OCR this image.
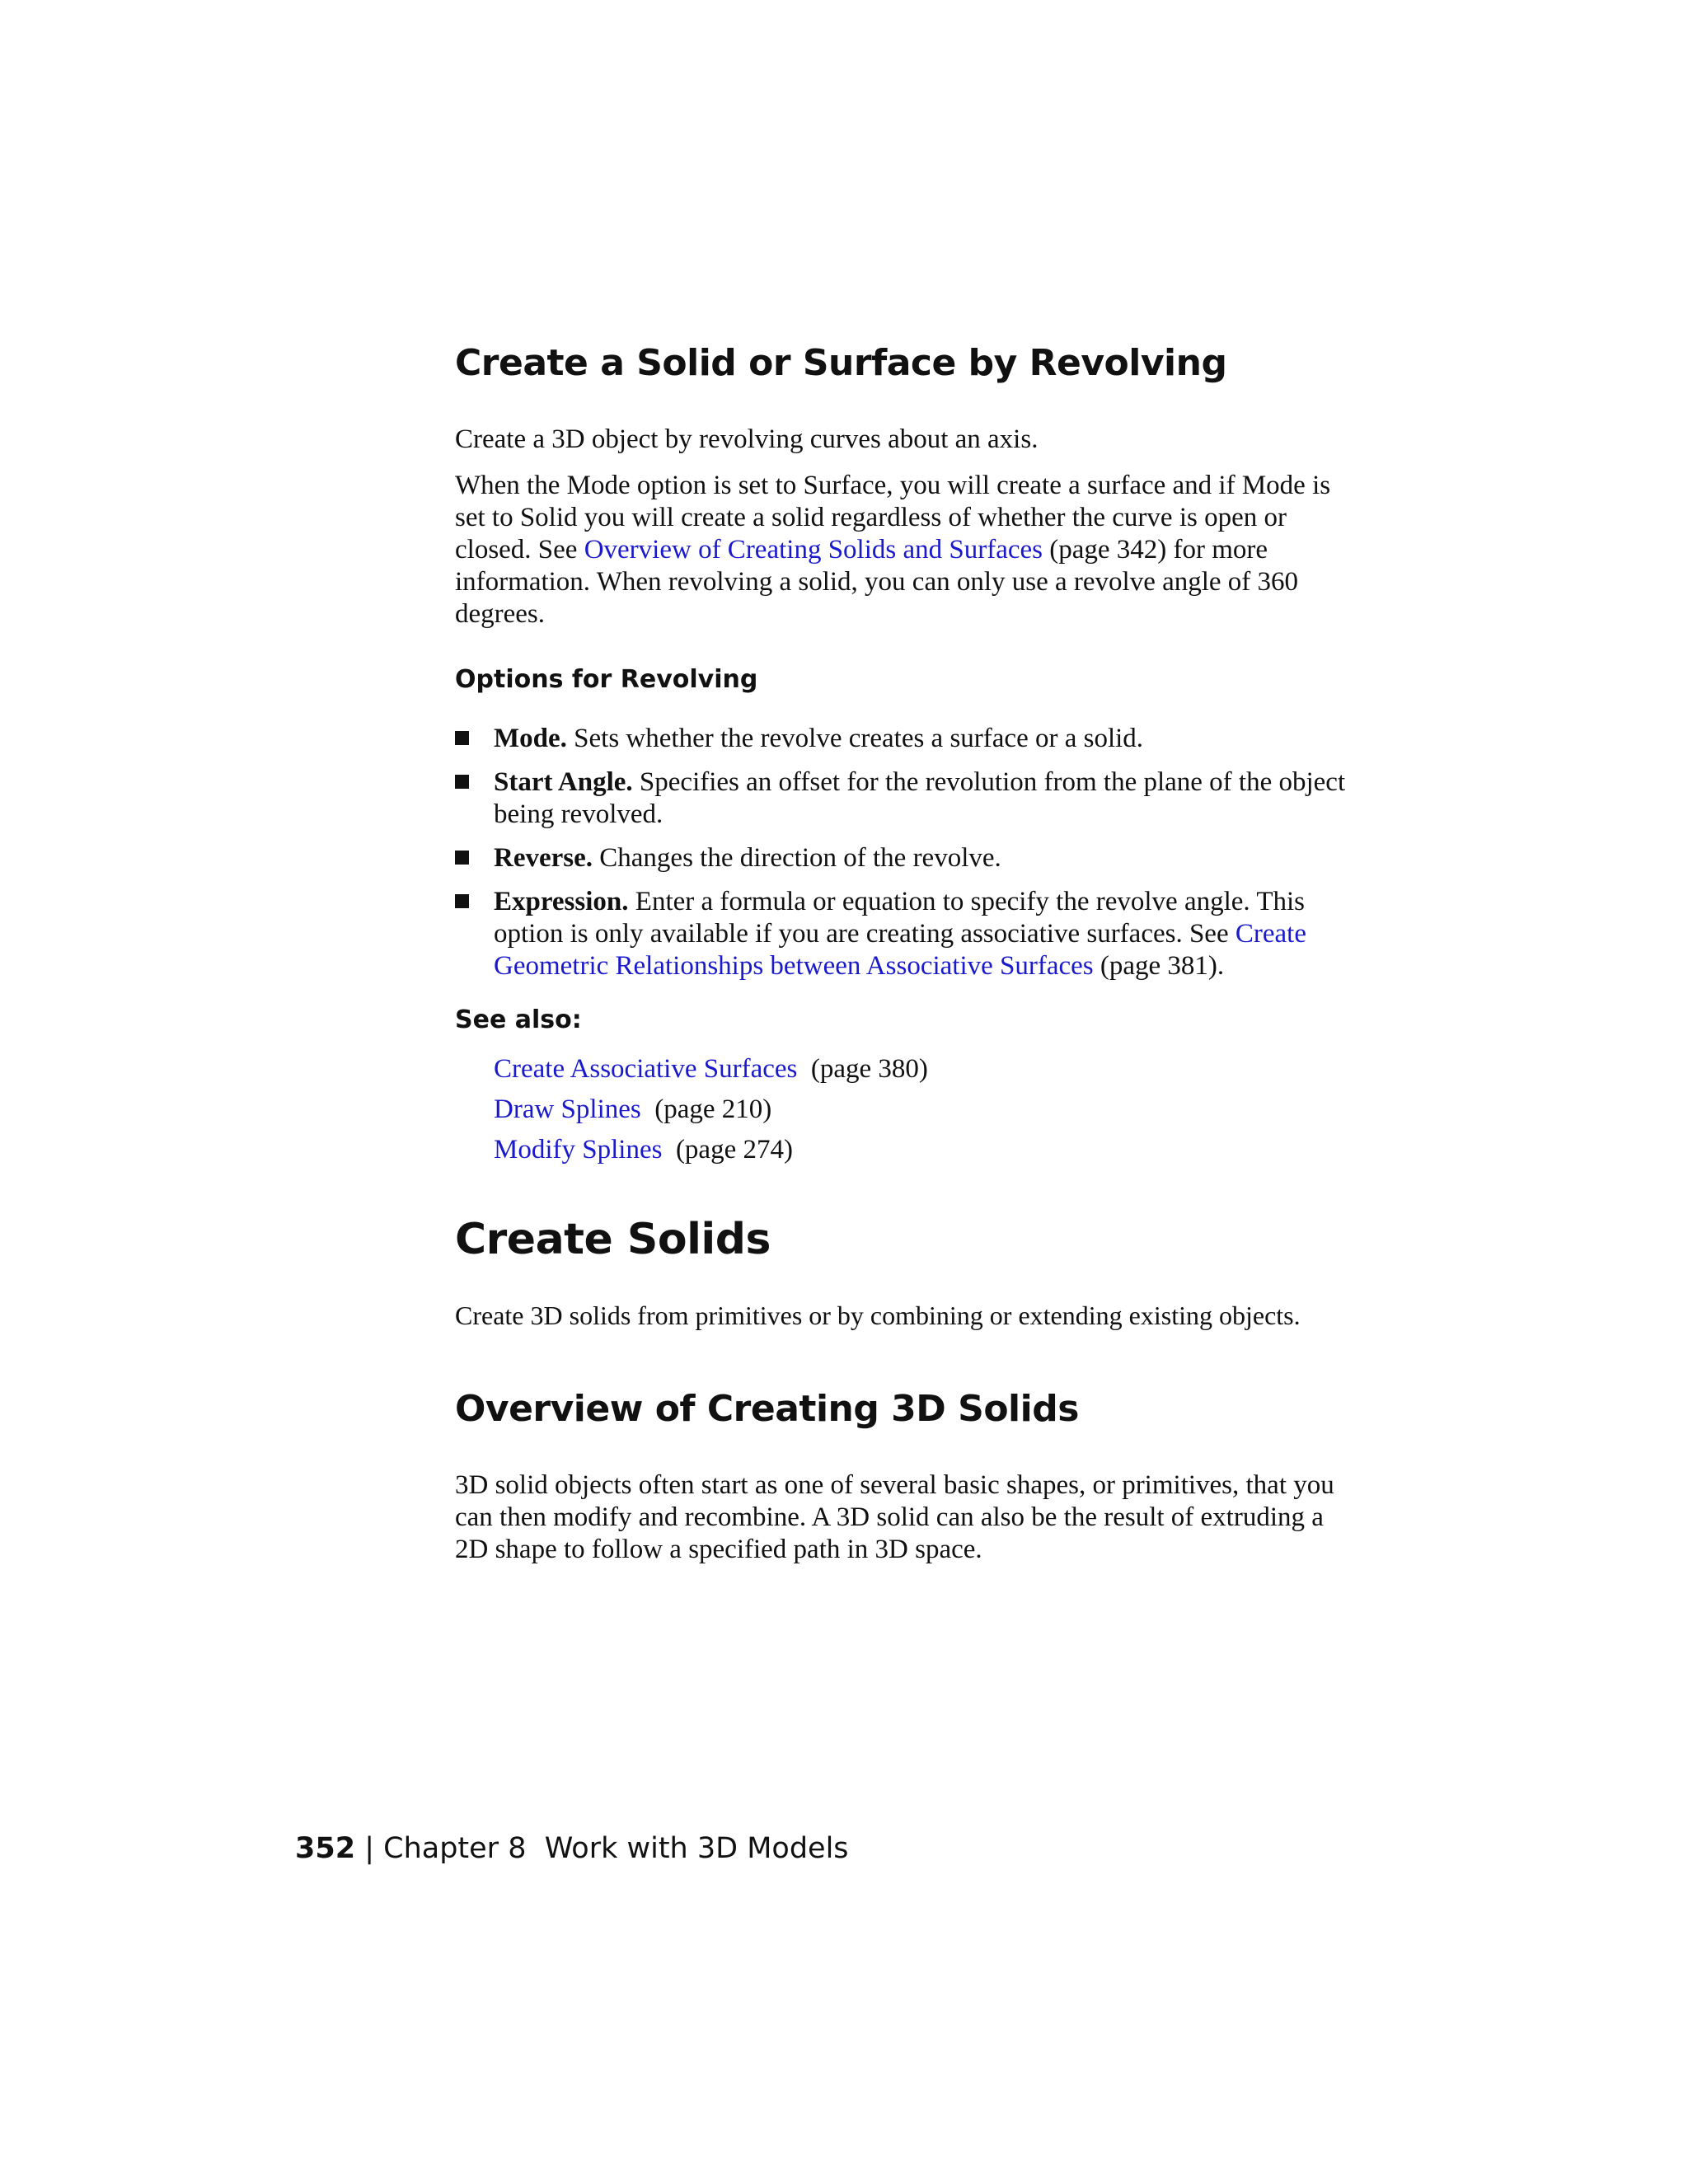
Create a Solid or Surface by Revolving

Create a 3D object by revolving curves about an axis.

When the Mode option is set to Surface, you will create a surface and if Mode is set to Solid you will create a solid regardless of whether the curve is open or closed. See Overview of Creating Solids and Surfaces (page 342) for more information. When revolving a solid, you can only use a revolve angle of 360 degrees.

Options for Revolving
Mode. Sets whether the revolve creates a surface or a solid.
Start Angle. Specifies an offset for the revolution from the plane of the object being revolved.
Reverse. Changes the direction of the revolve.
Expression. Enter a formula or equation to specify the revolve angle. This option is only available if you are creating associative surfaces. See Create Geometric Relationships between Associative Surfaces (page 381).
See also:
Create Associative Surfaces (page 380)
Draw Splines (page 210)
Modify Splines (page 274)
Create Solids

Create 3D solids from primitives or by combining or extending existing objects.

Overview of Creating 3D Solids

3D solid objects often start as one of several basic shapes, or primitives, that you can then modify and recombine. A 3D solid can also be the result of extruding a 2D shape to follow a specified path in 3D space.

352 | Chapter 8 Work with 3D Models
